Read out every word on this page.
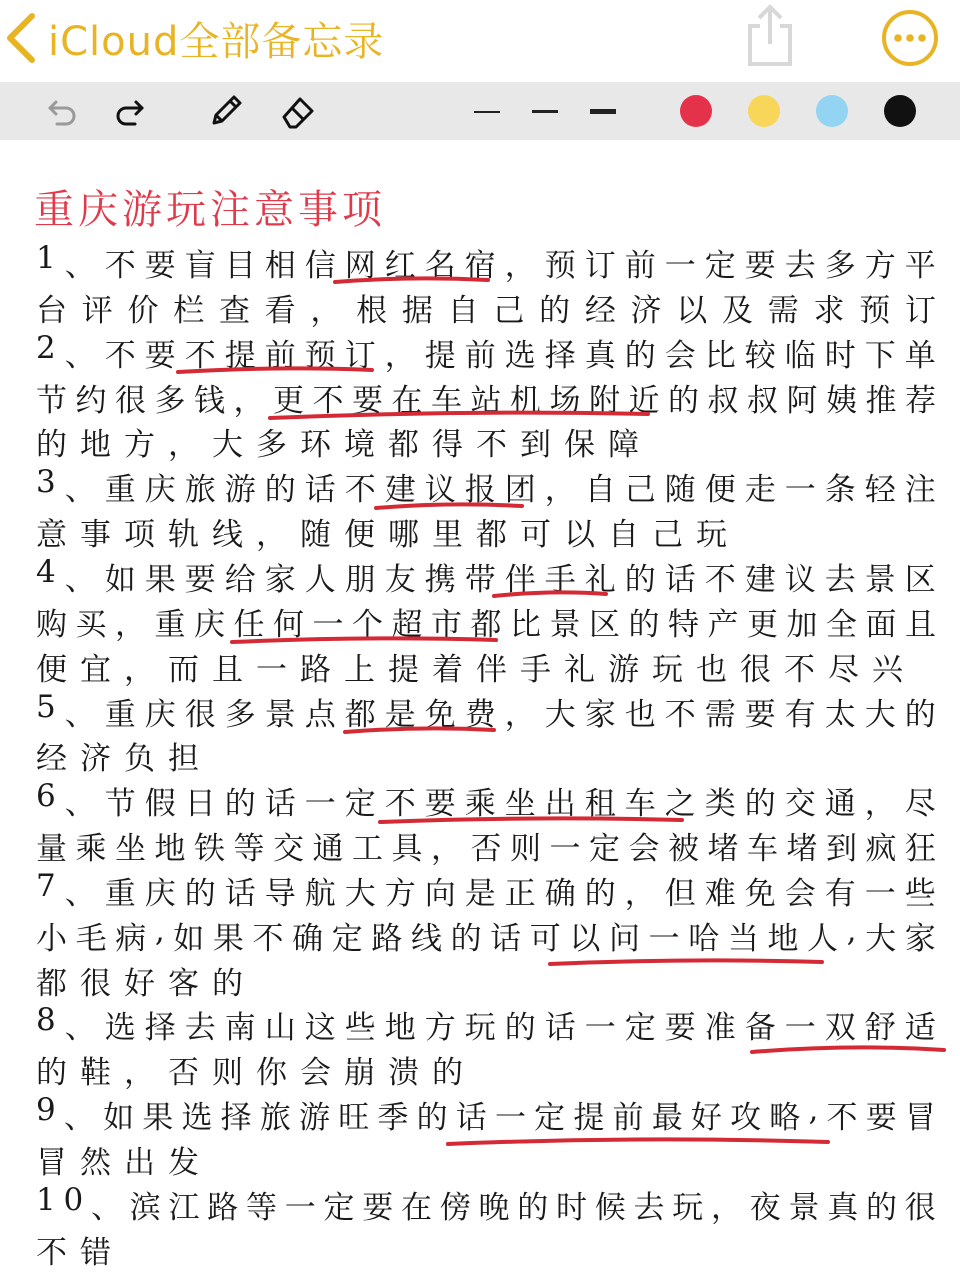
iCloud全部备忘录
重庆游玩注意事项
1 、 不 要 盲 目 相 信 网 红 名 宿 ， 预 订 前 一 定 要 去 多 方 平
台 评 价 栏 查 看 ， 根 据 自 己 的 经 济 以 及 需 求 预 订
2 、 不 要 不 提 前 预 订 ， 提 前 选 择 真 的 会 比 较 临 时 下 单
节 约 很 多 钱 ， 更 不 要 在 车 站 机 场 附 近 的 叔 叔 阿 姨 推 荐
的 地 方 ， 大 多 环 境 都 得 不 到 保 障
3 、 重 庆 旅 游 的 话 不 建 议 报 团 ， 自 己 随 便 走 一 条 轻 注
意 事 项 轨 线 ， 随 便 哪 里 都 可 以 自 己 玩
4 、 如 果 要 给 家 人 朋 友 携 带 伴 手 礼 的 话 不 建 议 去 景 区
购 买 ， 重 庆 任 何 一 个 超 市 都 比 景 区 的 特 产 更 加 全 面 且
便 宜 ， 而 且 一 路 上 提 着 伴 手 礼 游 玩 也 很 不 尽 兴
5 、 重 庆 很 多 景 点 都 是 免 费 ， 大 家 也 不 需 要 有 太 大 的
经 济 负 担
6 、 节 假 日 的 话 一 定 不 要 乘 坐 出 租 车 之 类 的 交 通 ， 尽
量 乘 坐 地 铁 等 交 通 工 具 ， 否 则 一 定 会 被 堵 车 堵 到 疯 狂
7 、 重 庆 的 话 导 航 大 方 向 是 正 确 的 ， 但 难 免 会 有 一 些
小 毛 病 , 如 果 不 确 定 路 线 的 话 可 以 问 一 哈 当 地 人 , 大 家
都 很 好 客 的
8 、 选 择 去 南 山 这 些 地 方 玩 的 话 一 定 要 准 备 一 双 舒 适
的 鞋 ， 否 则 你 会 崩 溃 的
9 、 如 果 选 择 旅 游 旺 季 的 话 一 定 提 前 最 好 攻 略 , 不 要 冒
冒 然 出 发
1 0 、 滨 江 路 等 一 定 要 在 傍 晚 的 时 候 去 玩 ， 夜 景 真 的 很
不 错
